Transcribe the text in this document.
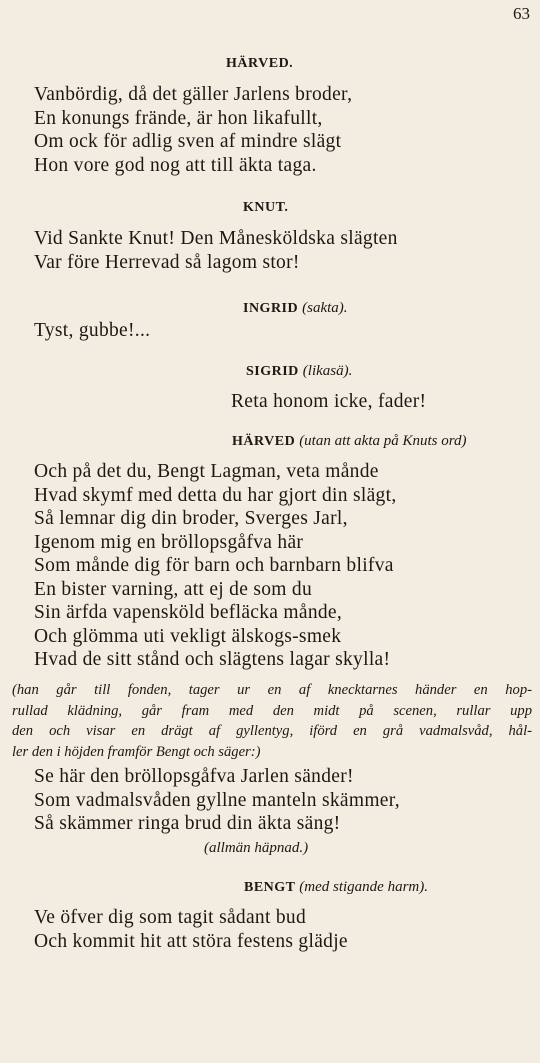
63
HÄRVED.
Vanbördig, då det gäller Jarlens broder,
En konungs frände, är hon likafullt,
Om ock för adlig sven af mindre slägt
Hon vore god nog att till äkta taga.
KNUT.
Vid Sankte Knut! Den Månesköldska slägten
Var före Herrevad så lagom stor!
INGRID (sakta).
Tyst, gubbe!...
SIGRID (likasä).
Reta honom icke, fader!
HÄRVED (utan att akta på Knuts ord)
Och på det du, Bengt Lagman, veta månde
Hvad skymf med detta du har gjort din slägt,
Så lemnar dig din broder, Sverges Jarl,
Igenom mig en bröllopsgåfva här
Som månde dig för barn och barnbarn blifva
En bister varning, att ej de som du
Sin ärfda vapensköld befläcka månde,
Och glömma uti vekligt älskogs-smek
Hvad de sitt stånd och slägtens lagar skylla!
(han går till fonden, tager ur en af knecktarnes händer en hop-
rullad klädning, går fram med den midt på scenen, rullar upp
den och visar en drägt af gyllentyg, iförd en grå vadmalsvåd, hål-
ler den i höjden framför Bengt och säger:)
Se här den bröllopsgåfva Jarlen sänder!
Som vadmalsvåden gyllne manteln skämmer,
Så skämmer ringa brud din äkta säng!
(allmän häpnad.)
BENGT (med stigande harm).
Ve öfver dig som tagit sådant bud
Och kommit hit att störa festens glädje
